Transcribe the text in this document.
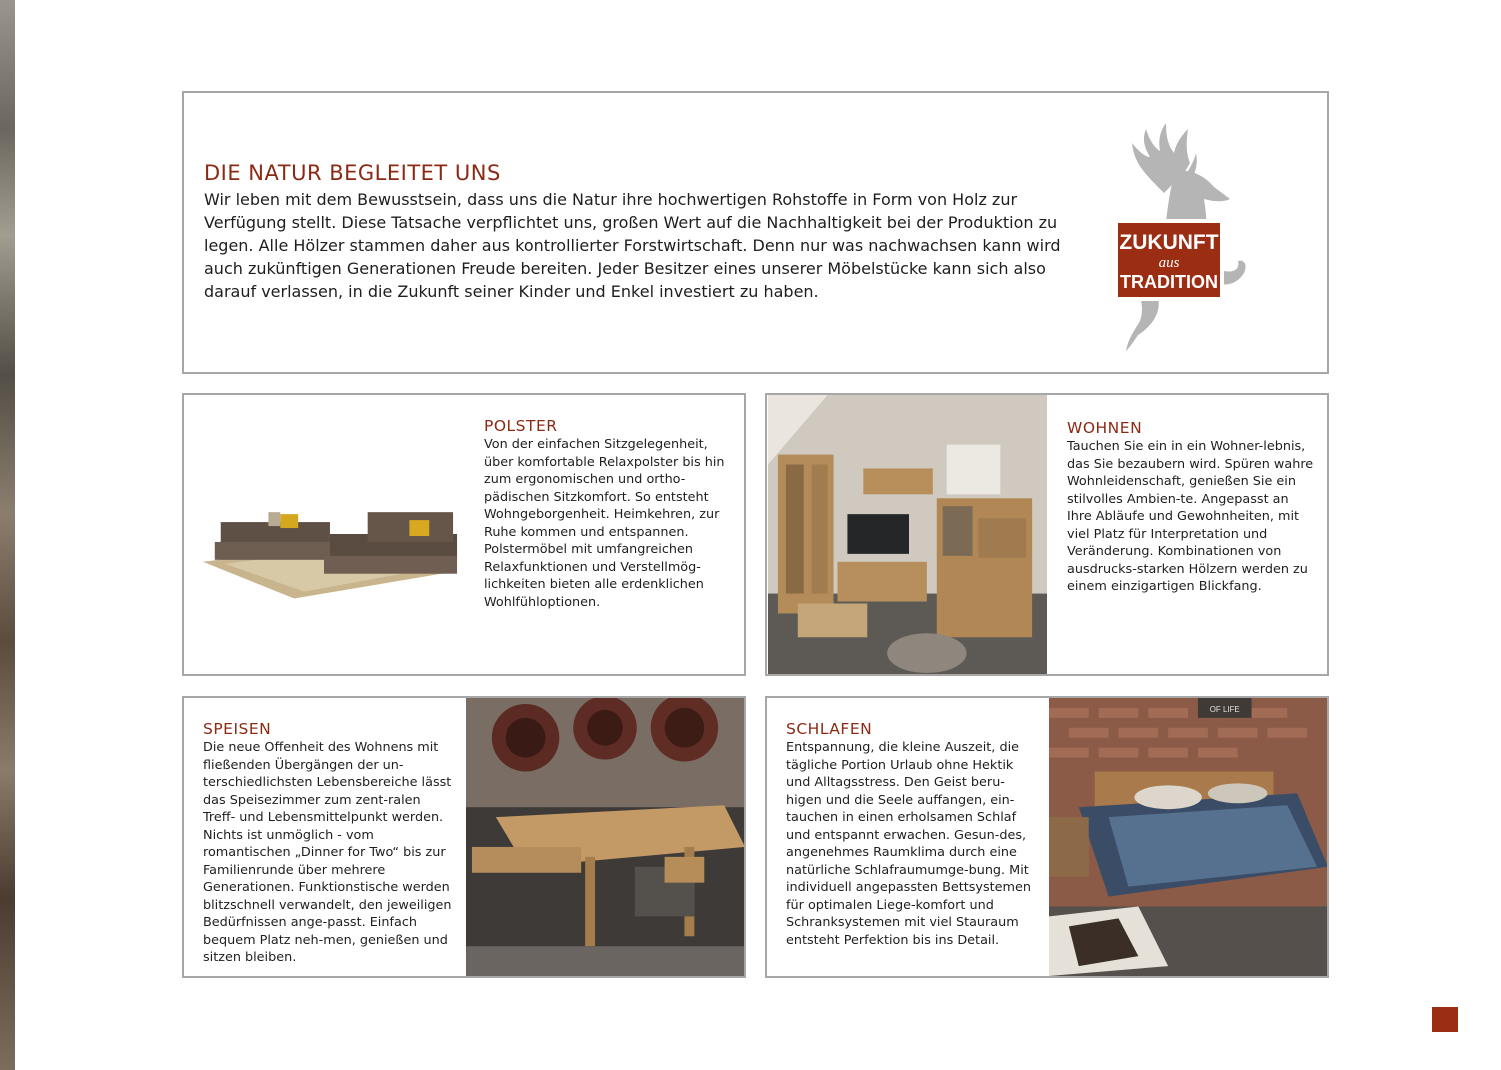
DIE NATUR BEGLEITET UNS

Wir leben mit dem Bewusstsein, dass uns die Natur ihre hochwertigen Rohstoffe in Form von Holz zur Verfügung stellt. Diese Tatsache verpflichtet uns, großen Wert auf die Nachhaltigkeit bei der Produktion zu legen. Alle Hölzer stammen daher aus kontrollierter Forstwirtschaft. Denn nur was nachwachsen kann wird auch zukünftigen Generationen Freude bereiten. Jeder Besitzer eines unserer Möbelstücke kann sich also darauf verlassen, in die Zukunft seiner Kinder und Enkel investiert zu haben.

ZUKUNFT
aus
TRADITION
POLSTER

Von der einfachen Sitzgelegenheit, über komfortable Relaxpolster bis hin zum ergonomischen und ortho-pädischen Sitzkomfort. So entsteht Wohngeborgenheit. Heimkehren, zur Ruhe kommen und entspannen. Polstermöbel mit umfangreichen Relaxfunktionen und Verstellmög-lichkeiten bieten alle erdenklichen Wohlfühloptionen.

WOHNEN

Tauchen Sie ein in ein Wohner-lebnis, das Sie bezaubern wird. Spüren wahre Wohnleidenschaft, genießen Sie ein stilvolles Ambien-te. Angepasst an Ihre Abläufe und Gewohnheiten, mit viel Platz für Interpretation und Veränderung. Kombinationen von ausdrucks-starken Hölzern werden zu einem einzigartigen Blickfang.

SPEISEN

Die neue Offenheit des Wohnens mit fließenden Übergängen der un-terschiedlichsten Lebensbereiche lässt das Speisezimmer zum zent-ralen Treff- und Lebensmittelpunkt werden. Nichts ist unmöglich - vom romantischen „Dinner for Two“ bis zur Familienrunde über mehrere Generationen. Funktionstische werden blitzschnell verwandelt, den jeweiligen Bedürfnissen ange-passt. Einfach bequem Platz neh-men, genießen und sitzen bleiben.

SCHLAFEN

Entspannung, die kleine Auszeit, die tägliche Portion Urlaub ohne Hektik und Alltagsstress. Den Geist beru-higen und die Seele auffangen, ein-tauchen in einen erholsamen Schlaf und entspannt erwachen. Gesun-des, angenehmes Raumklima durch eine natürliche Schlafraumumge-bung. Mit individuell angepassten Bettsystemen für optimalen Liege-komfort und Schranksystemen mit viel Stauraum entsteht Perfektion bis ins Detail.

OF LIFE
